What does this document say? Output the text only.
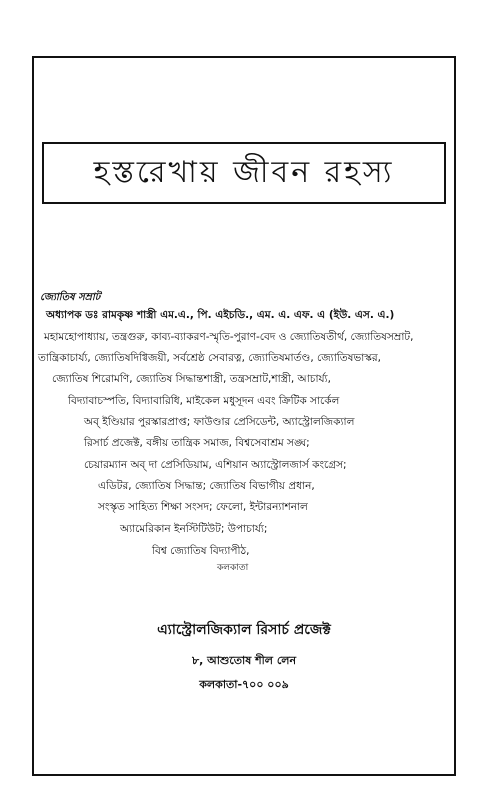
হস্তরেখায় জীবন রহস্য
জ্যোতিষ সম্রাট
অধ্যাপক ডঃ রামকৃষ্ণ শাস্ত্রী এম.এ., পি. এইচডি., এম. এ. এফ. এ (ইউ. এস. এ.)
মহামহোপাধ্যায়, তন্ত্রগুরু, কাব্য-ব্যাকরণ-স্মৃতি-পুরাণ-বেদ ও জ্যোতিষতীর্থ, জ্যোতিষসম্রাট,
তান্ত্রিকাচার্য্য, জ্যোতিষদিগ্বিজয়ী, সর্বশ্রেষ্ঠ সেবারত্ন, জ্যোতিষমার্তণ্ড, জ্যোতিষভাস্কর,
জ্যোতিষ শিরোমণি, জ্যোতিষ সিদ্ধান্তশাস্ত্রী, তন্ত্রসম্রাট,শাস্ত্রী, আচার্য্য,
বিদ্যাবাচস্পতি, বিদ্যাবারিধি, মাইকেল মধুসূদন এবং ক্রিটিক সার্কেল
অব্ ইণ্ডিয়ার পুরস্কারপ্রাপ্ত; ফাউণ্ডার প্রেসিডেন্ট, অ্যাস্ট্রোলজিক্যাল
রিসার্চ প্রজেক্ট, বঙ্গীয় তান্ত্রিক সমাজ, বিশ্বসেবাশ্রম সঙ্ঘ;
চেয়ারম্যান অব্ দা প্রেসিডিয়াম, এশিয়ান অ্যাস্ট্রোলজার্স কংগ্রেস;
এডিটর, জ্যোতিষ সিদ্ধান্ত; জ্যোতিষ বিভাগীয় প্রধান,
সংস্কৃত সাহিত্য শিক্ষা সংসদ; ফেলো, ইন্টারন্যাশনাল
অ্যামেরিকান ইনস্টিটিউট; উপাচার্য্য;
বিশ্ব জ্যোতিষ বিদ্যাপীঠ,
কলকাতা
এ্যাস্ট্রোলজিক্যাল রিসার্চ প্রজেক্ট
৮, আশুতোষ শীল লেন
কলকাতা-৭০০ ০০৯
